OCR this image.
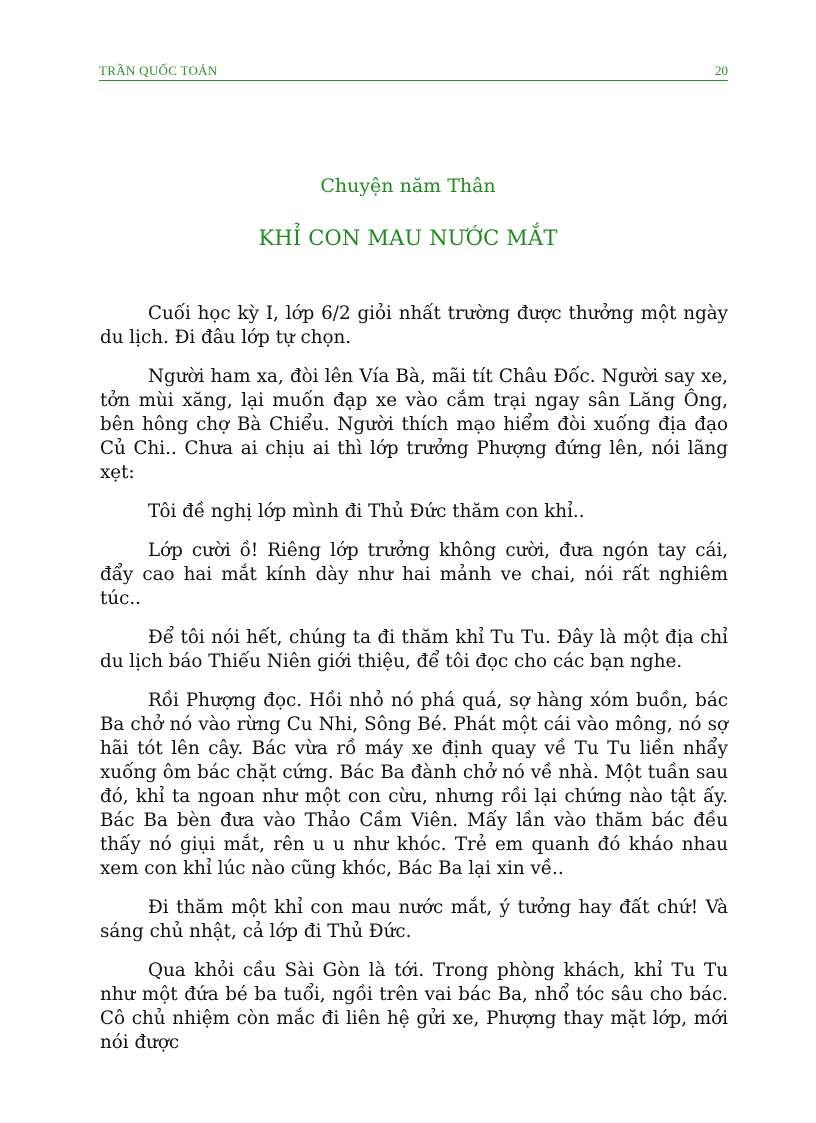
TRẦN QUỐC TOẢN	20
Chuyện năm Thân
KHỈ CON MAU NƯỚC MẮT

Cuối học kỳ I, lớp 6/2 giỏi nhất trường được thưởng một ngày du lịch. Đi đâu lớp tự chọn.

Người ham xa, đòi lên Vía Bà, mãi tít Châu Đốc. Người say xe, tởn mùi xăng, lại muốn đạp xe vào cắm trại ngay sân Lăng Ông, bên hông chợ Bà Chiểu. Người thích mạo hiểm đòi xuống địa đạo Củ Chi.. Chưa ai chịu ai thì lớp trưởng Phượng đứng lên, nói lãng xẹt:

Tôi đề nghị lớp mình đi Thủ Đức thăm con khỉ..

Lớp cười ồ! Riêng lớp trưởng không cười, đưa ngón tay cái, đẩy cao hai mắt kính dày như hai mảnh ve chai, nói rất nghiêm túc..

Để tôi nói hết, chúng ta đi thăm khỉ Tu Tu. Đây là một địa chỉ du lịch báo Thiếu Niên giới thiệu, để tôi đọc cho các bạn nghe.

Rồi Phượng đọc. Hồi nhỏ nó phá quá, sợ hàng xóm buồn, bác Ba chở nó vào rừng Cu Nhi, Sông Bé. Phát một cái vào mông, nó sợ hãi tót lên cây. Bác vừa rồ máy xe định quay về Tu Tu liền nhẩy xuống ôm bác chặt cứng. Bác Ba đành chở nó về nhà. Một tuần sau đó, khỉ ta ngoan như một con cừu, nhưng rồi lại chứng nào tật ấy. Bác Ba bèn đưa vào Thảo Cầm Viên. Mấy lần vào thăm bác đều thấy nó giụi mắt, rên u u như khóc. Trẻ em quanh đó kháo nhau xem con khỉ lúc nào cũng khóc, Bác Ba lại xin về..

Đi thăm một khỉ con mau nước mắt, ý tưởng hay đất chứ! Và sáng chủ nhật, cả lớp đi Thủ Đức.

Qua khỏi cầu Sài Gòn là tới. Trong phòng khách, khỉ Tu Tu như một đứa bé ba tuổi, ngồi trên vai bác Ba, nhổ tóc sâu cho bác. Cô chủ nhiệm còn mắc đi liên hệ gửi xe, Phượng thay mặt lớp, mới nói được
